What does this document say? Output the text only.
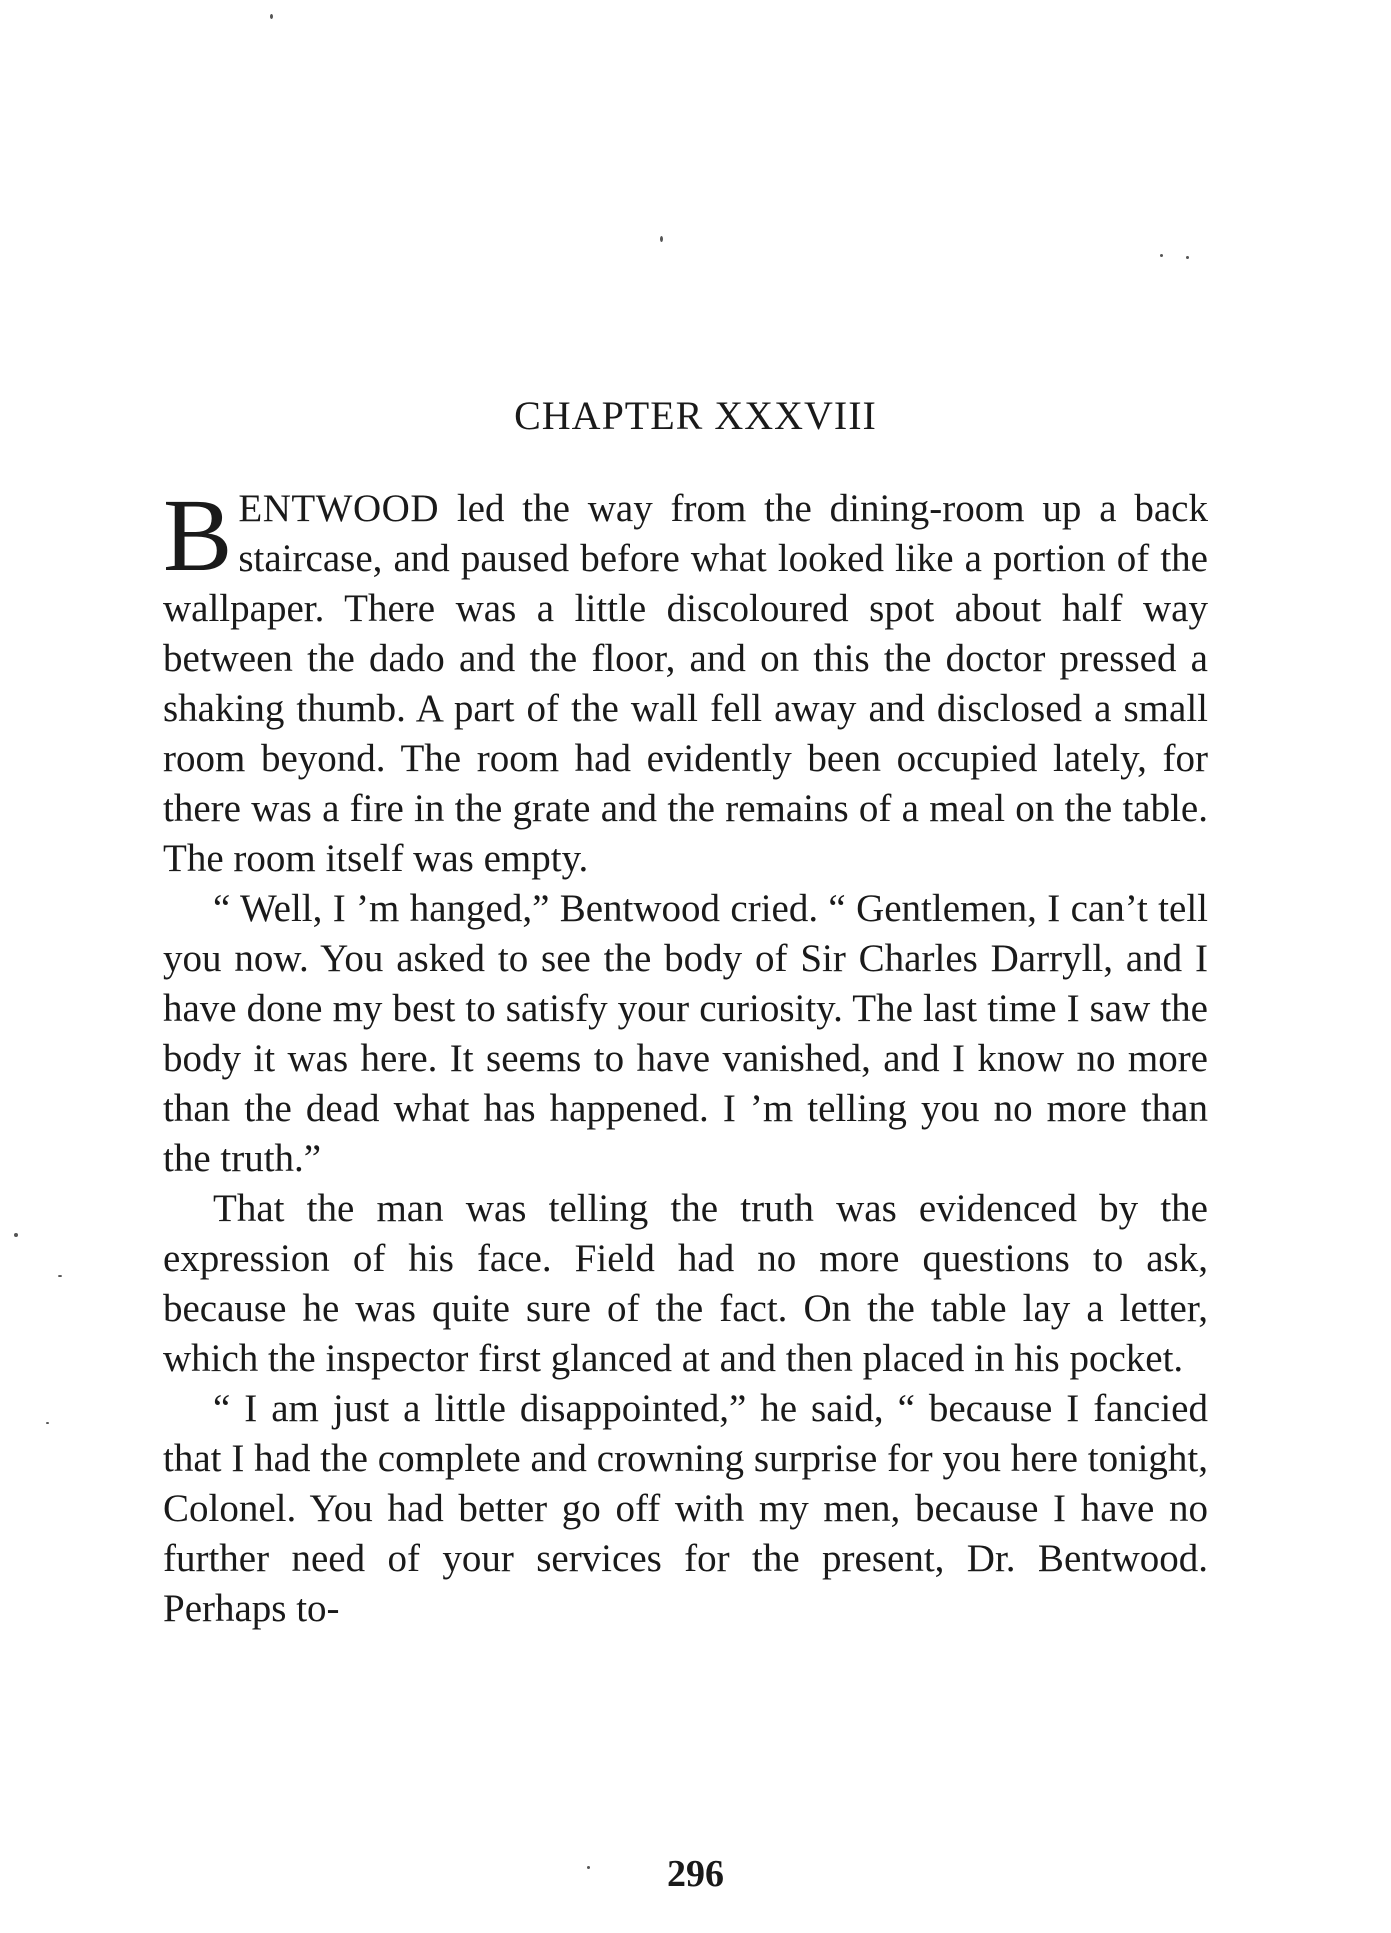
CHAPTER XXXVIII

BENTWOOD led the way from the dining-room up a back staircase, and paused before what looked like a portion of the wallpaper. There was a little discoloured spot about half way between the dado and the floor, and on this the doctor pressed a shaking thumb. A part of the wall fell away and disclosed a small room beyond. The room had evidently been occupied lately, for there was a fire in the grate and the remains of a meal on the table. The room itself was empty.

“ Well, I ’m hanged,” Bentwood cried. “ Gentlemen, I can’t tell you now. You asked to see the body of Sir Charles Darryll, and I have done my best to satisfy your curiosity. The last time I saw the body it was here. It seems to have vanished, and I know no more than the dead what has happened. I ’m telling you no more than the truth.”

That the man was telling the truth was evidenced by the expression of his face. Field had no more questions to ask, because he was quite sure of the fact. On the table lay a letter, which the inspector first glanced at and then placed in his pocket.

“ I am just a little disappointed,” he said, “ because I fancied that I had the complete and crowning surprise for you here tonight, Colonel. You had better go off with my men, because I have no further need of your services for the present, Dr. Bentwood. Perhaps to-

296
